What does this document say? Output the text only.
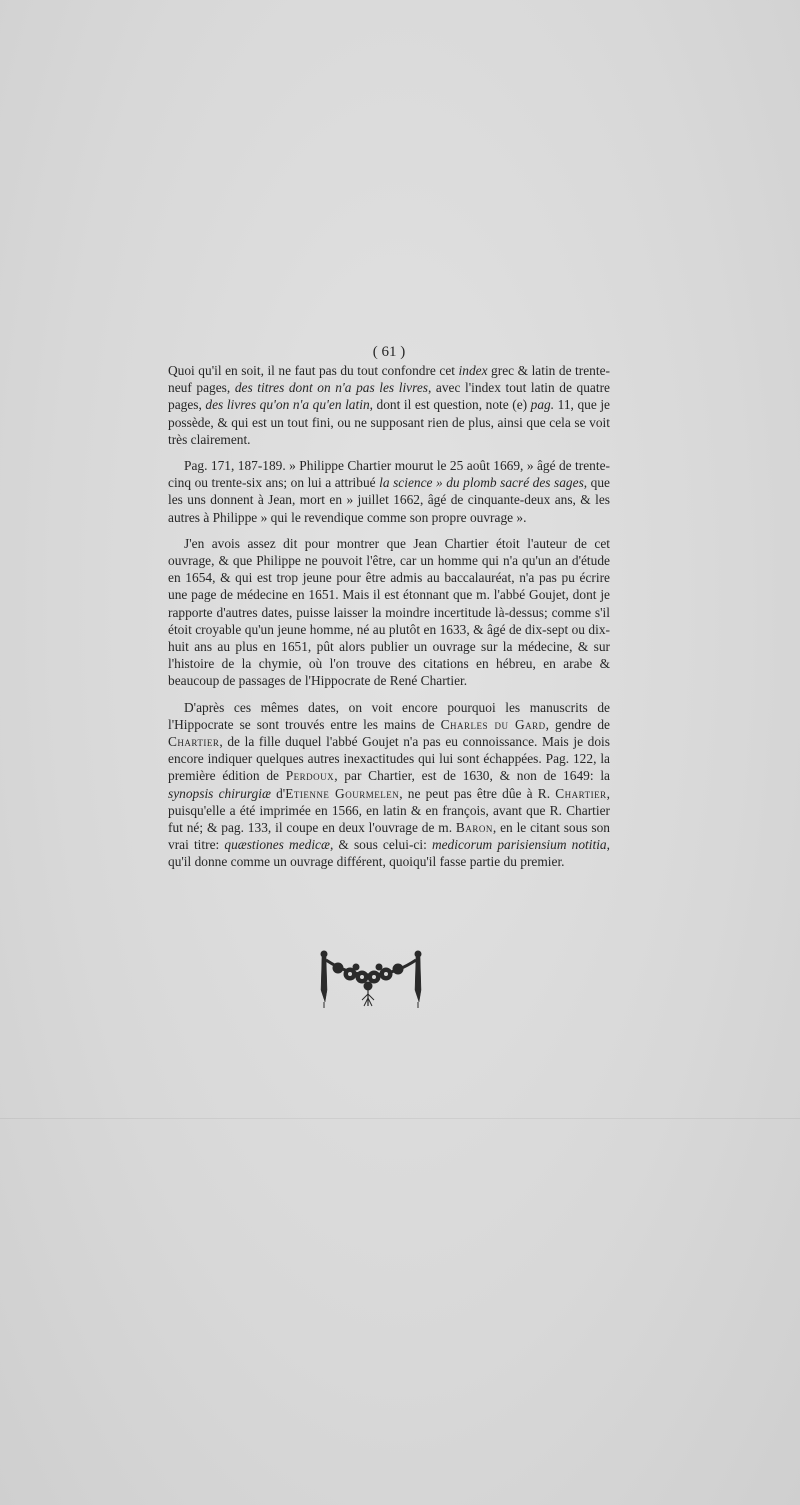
( 61 )

Quoi qu'il en soit, il ne faut pas du tout confondre cet index grec & latin de trente-neuf pages, des titres dont on n'a pas les livres, avec l'index tout latin de quatre pages, des livres qu'on n'a qu'en latin, dont il est question, note (e) pag. 11, que je possède, & qui est un tout fini, ou ne supposant rien de plus, ainsi que cela se voit très clairement.

Pag. 171, 187-189. » Philippe Chartier mourut le 25 août 1669, » âgé de trente-cinq ou trente-six ans; on lui a attribué la science » du plomb sacré des sages, que les uns donnent à Jean, mort en » juillet 1662, âgé de cinquante-deux ans, & les autres à Philippe » qui le revendique comme son propre ouvrage ».

J'en avois assez dit pour montrer que Jean Chartier étoit l'auteur de cet ouvrage, & que Philippe ne pouvoit l'être, car un homme qui n'a qu'un an d'étude en 1654, & qui est trop jeune pour être admis au baccalauréat, n'a pas pu écrire une page de médecine en 1651. Mais il est étonnant que m. l'abbé Goujet, dont je rapporte d'autres dates, puisse laisser la moindre incertitude là-dessus; comme s'il étoit croyable qu'un jeune homme, né au plutôt en 1633, & âgé de dix-sept ou dix-huit ans au plus en 1651, pût alors publier un ouvrage sur la médecine, & sur l'histoire de la chymie, où l'on trouve des citations en hébreu, en arabe & beaucoup de passages de l'Hippocrate de René Chartier.

D'après ces mêmes dates, on voit encore pourquoi les manuscrits de l'Hippocrate se sont trouvés entre les mains de Charles du Gard, gendre de Chartier, de la fille duquel l'abbé Goujet n'a pas eu connoissance. Mais je dois encore indiquer quelques autres inexactitudes qui lui sont échappées. Pag. 122, la première édition de Perdoux, par Chartier, est de 1630, & non de 1649: la synopsis chirurgiæ d'Etienne Gourmelen, ne peut pas être dûe à R. Chartier, puisqu'elle a été imprimée en 1566, en latin & en françois, avant que R. Chartier fut né; & pag. 133, il coupe en deux l'ouvrage de m. Baron, en le citant sous son vrai titre: quæstiones medicæ, & sous celui-ci: medicorum parisiensium notitia, qu'il donne comme un ouvrage différent, quoiqu'il fasse partie du premier.
